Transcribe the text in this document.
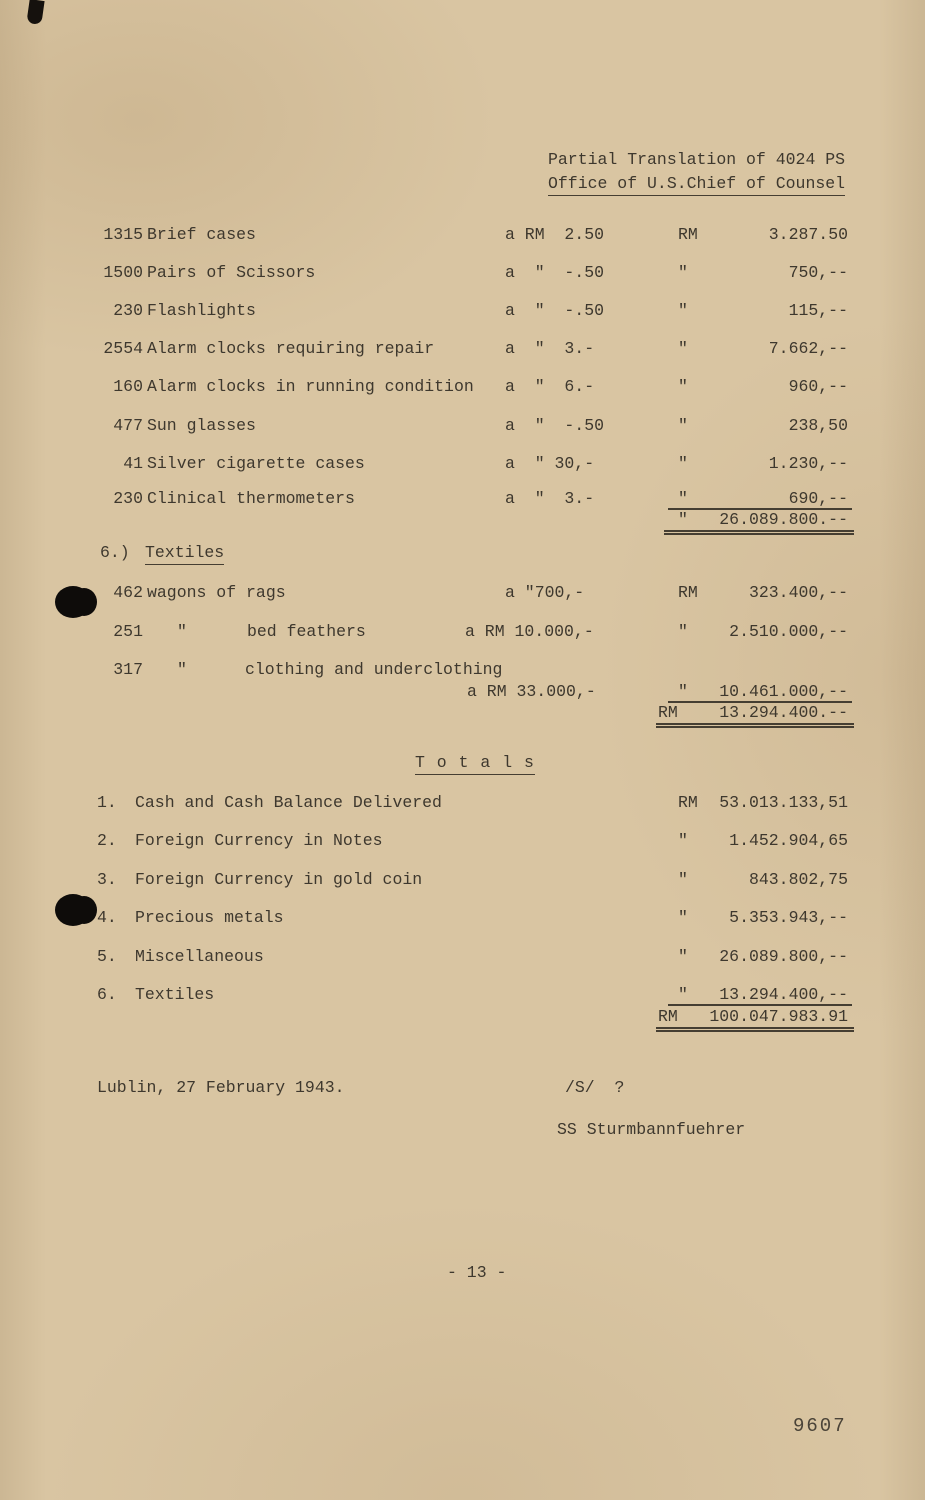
Partial Translation of 4024 PS
Office of U.S.Chief of Counsel
1315 Brief cases	a RM  2.50	RM	3.287.50
1500 Pairs of Scissors	a  "  -.50	"	750,--
230 Flashlights	a  "  -.50	"	115,--
2554 Alarm clocks requiring repair	a  "  3.-	"	7.662,--
160 Alarm clocks in running condition a  "  6.-	"	960,--
477 Sun glasses	a  "  -.50	"	238,50
41 Silver cigarette cases	a  " 30,-	"	1.230,--
230 Clinical thermometers	a  "  3.-	"	690,--
"	26.089.800.--
6.) Textiles
462 wagons of rags	a "700,-	RM	323.400,--
251 "	bed feathers	a RM 10.000,-	"	2.510.000,--
317 "	clothing and underclothing
a RM 33.000,-	"	10.461.000,--
RM	13.294.400.--
T o t a l s
1. Cash and Cash Balance Delivered	RM	53.013.133,51
2. Foreign Currency in Notes	"	1.452.904,65
3. Foreign Currency in gold coin	"	843.802,75
4. Precious metals	"	5.353.943,--
5. Miscellaneous	"	26.089.800,--
6. Textiles	"	13.294.400,--
RM	100.047.983.91
Lublin, 27 February 1943.	/S/  ?
SS Sturmbannfuehrer
- 13 -
9607
